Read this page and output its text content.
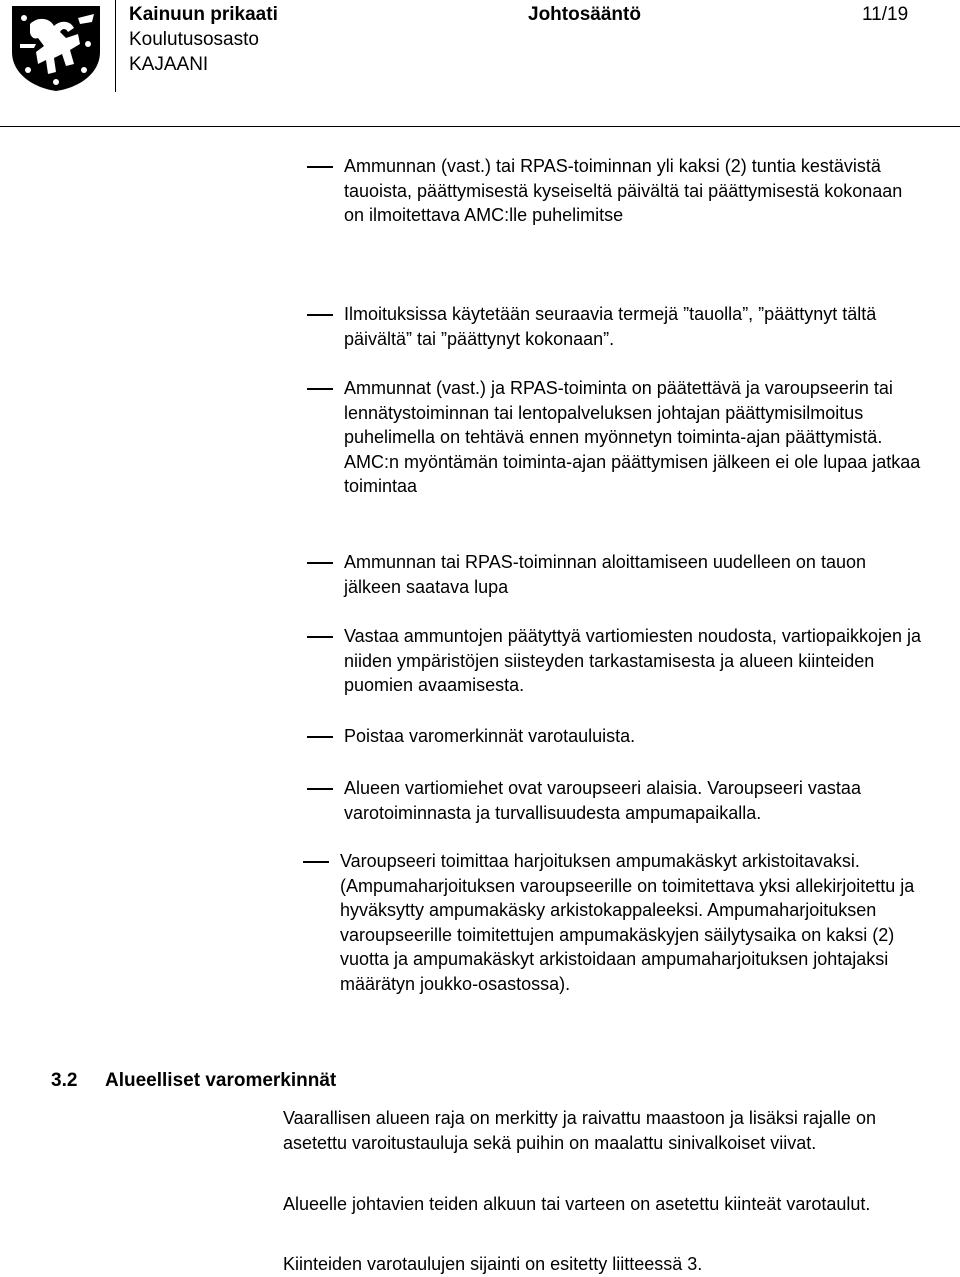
Kainuun prikaati
Koulutusosasto
KAJAANI
Johtosääntö	11/19
Ammunnan (vast.) tai RPAS-toiminnan yli kaksi (2) tuntia kestävistä tauoista, päättymisestä kyseiseltä päivältä tai päättymisestä kokonaan on ilmoitettava AMC:lle puhelimitse
Ilmoituksissa käytetään seuraavia termejä ”tauolla”, ”päättynyt tältä päivältä” tai ”päättynyt kokonaan”.
Ammunnat (vast.) ja RPAS-toiminta on päätettävä ja varoupseerin tai lennätystoiminnan tai lentopalveluksen johtajan päättymisilmoitus puhelimella on tehtävä ennen myönnetyn toiminta-ajan päättymistä. AMC:n myöntämän toiminta-ajan päättymisen jälkeen ei ole lupaa jatkaa toimintaa
Ammunnan tai RPAS-toiminnan aloittamiseen uudelleen on tauon jälkeen saatava lupa
Vastaa ammuntojen päätyttyä vartiomiesten noudosta, vartiopaikkojen ja niiden ympäristöjen siisteyden tarkastamisesta ja alueen kiinteiden puomien avaamisesta.
Poistaa varomerkinnät varotauluista.
Alueen vartiomiehet ovat varoupseeri alaisia. Varoupseeri vastaa varotoiminnasta ja turvallisuudesta ampumapaikalla.
Varoupseeri toimittaa harjoituksen ampumakäskyt arkistoitavaksi. (Ampumaharjoituksen varoupseerille on toimitettava yksi allekirjoitettu ja hyväksytty ampumakäsky arkistokappaleeksi. Ampumaharjoituksen varoupseerille toimitettujen ampumakäskyjen säilytysaika on kaksi (2) vuotta ja ampumakäskyt arkistoidaan ampumaharjoituksen johtajaksi määrätyn joukko-osastossa).
3.2 Alueelliset varomerkinnät
Vaarallisen alueen raja on merkitty ja raivattu maastoon ja lisäksi rajalle on asetettu varoitustauluja sekä puihin on maalattu sinivalkoiset viivat.
Alueelle johtavien teiden alkuun tai varteen on asetettu kiinteät varotaulut.
Kiinteiden varotaulujen sijainti on esitetty liitteessä 3.
